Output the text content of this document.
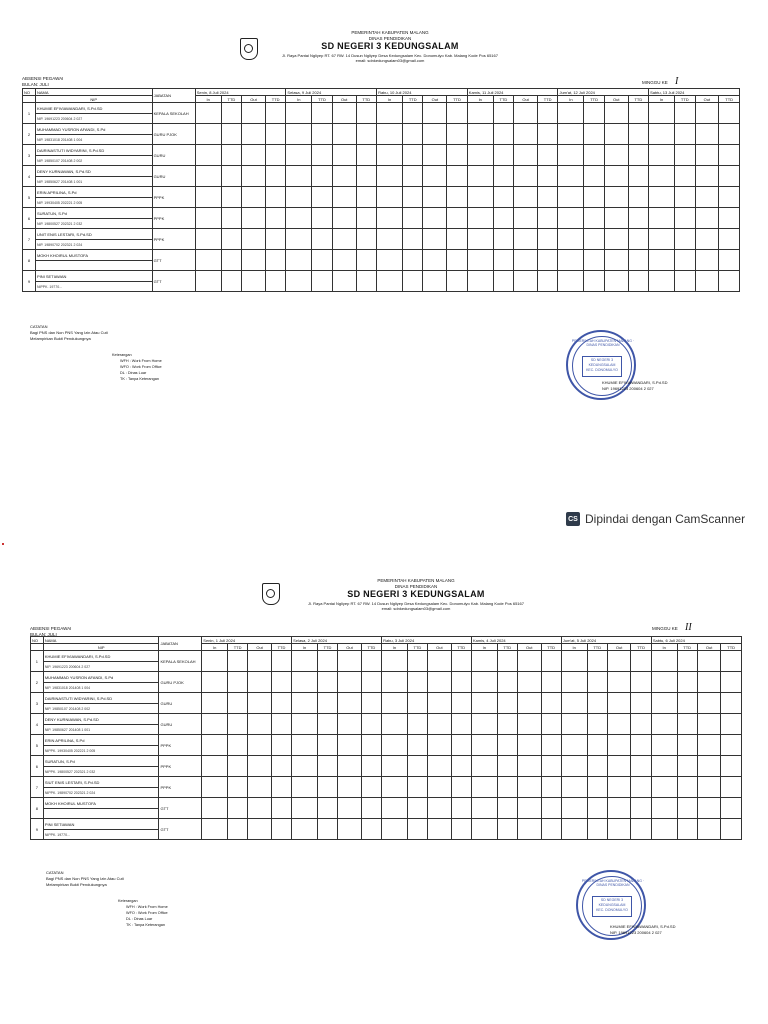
PEMERINTAH KABUPATEN MALANG
DINAS PENDIDIKAN
SD NEGERI 3 KEDUNGSALAM
Jl. Raya Pantai Ngliyep RT. 67 RW. 14 Dusun Ngliyep Desa Kedungsalam Kec. Donomulyo Kab. Malang Kode Pos 65167
email: sdnkedungsalam03@gmail.com
ABSENSI PEGAWAI
BULAN: JULI	MINGGU KE I
NO	NAMA	JABATAN	Senin, 8 Juli 2024				Selasa, 9 Juli 2024				Rabu, 10 Juli 2024				Kamis, 11 Juli 2024				Jum'at, 12 Juli 2024				Sabtu, 13 Juli 2024			
	NIP		In	TTD	Out	TTD	In	TTD	Out	TTD	In	TTD	Out	TTD	In	TTD	Out	TTD	In	TTD	Out	TTD	In	TTD	Out	TTD
1	KHUMIE EFIVIAWANDARI, S.Pd.SD	KEPALA SEKOLAH																								
	NIP. 19691223 200604 2 027																									
2	MUHAMMAD YUSRON AFANDI, S.Pd	GURU PJOK																								
	NIP. 19831018 201408 1 004																									
3	DAIRINASTUTI WIDYARINI, S.Pd.SD	GURU																								
	NIP. 19850107 201408 2 002																									
4	DENY KURNIAWAN, S.Pd.SD	GURU																								
	NIP. 19850627 201408 1 001																									
5	ERIN APRILINA, S.Pd	PPPK																								
	NIP. 19930405 202221 2 005																									
6	SURATUN, S.Pd	PPPK																								
	NIP. 19800527 202321 2 032																									
7	UNIT ENIS LESTARI, S.Pd.SD	PPPK																								
	NIP. 19890702 202321 2 024																									
8	MOKH KHOIRUL MUSTOFA	GTT																								

9	PINI SETIAWAN	GTT																								
	NIPPK. 19770...																									
CATATAN
Bagi PNS dan Non PNS Yang Izin Atau Cuti
Melampirkan Bukti Pendukungnya
Keterangan
WFH : Work From Home
WFO : Work From Office
DL : Dinas Luar
TK : Tanpa Keterangan
PEMERINTAH KABUPATEN MALANG · DINAS PENDIDIKAN
SD NEGERI 3 KEDUNGSALAM
KEC. DONOMULYO
KHUMIE EFIVIAWANDARI, S.Pd.SD
NIP. 19691223 200604 2 027
CS Dipindai dengan CamScanner
PEMERINTAH KABUPATEN MALANG
DINAS PENDIDIKAN
SD NEGERI 3 KEDUNGSALAM
Jl. Raya Pantai Ngliyep RT. 67 RW. 14 Dusun Ngliyep Desa Kedungsalam Kec. Donomulyo Kab. Malang Kode Pos 65167
email: sdnkedungsalam03@gmail.com
ABSENSI PEGAWAI
BULAN: JULI
MINGGU KE II
NO	NAMA	JABATAN	Senin, 1 Juli 2024				Selasa, 2 Juli 2024				Rabu, 3 Juli 2024				Kamis, 4 Juli 2024				Jum'at, 5 Juli 2024				Sabtu, 6 Juli 2024			
	NIP		In	TTD	Out	TTD	In	TTD	Out	TTD	In	TTD	Out	TTD	In	TTD	Out	TTD	In	TTD	Out	TTD	In	TTD	Out	TTD
1	KHUMIE EFIVIAWANDARI, S.Pd.SD	KEPALA SEKOLAH																								
	NIP. 19691223 200604 2 027																									
2	MUHAMMAD YUSRON AFANDI, S.Pd	GURU PJOK																								
	NIP. 19831018 201408 1 004																									
3	DAIRINASTUTI WIDYARINI, S.Pd.SD	GURU																								
	NIP. 19850107 201408 2 002																									
4	DENY KURNIAWAN, S.Pd.SD	GURU																								
	NIP. 19850627 201408 1 001																									
5	ERIN APRILINA, S.Pd	PPPK																								
	NIPPK. 19930405 202221 2 005																									
6	SURATUN, S.Pd	PPPK																								
	NIPPK. 19800527 202321 2 032																									
7	SIUT ENIS LESTARI, S.Pd.SD	PPPK																								
	NIPPK. 19890702 202321 2 024																									
8	MOKH KHOIRUL MUSTOFA	GTT																								

9	PINI SETIAWAN	GTT																								
	NIPPK. 19770...																									
CATATAN
Bagi PNS dan Non PNS Yang Izin Atau Cuti
Melampirkan Bukti Pendukungnya
Keterangan
WFH : Work From Home
WFO : Work From Office
DL : Dinas Luar
TK : Tanpa Keterangan
PEMERINTAH KABUPATEN MALANG · DINAS PENDIDIKAN
SD NEGERI 3 KEDUNGSALAM
KEC. DONOMULYO
KHUMIE EFIVIAWANDARI, S.Pd.SD
NIP. 19691223 200604 2 027
